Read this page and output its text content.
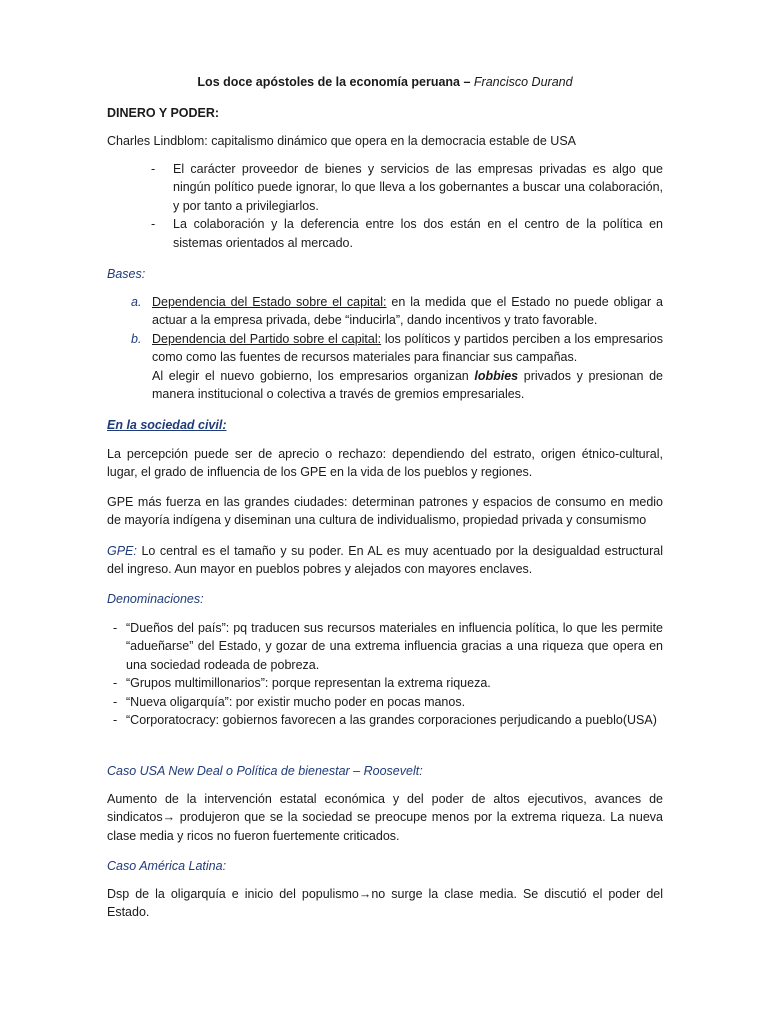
Los doce apóstoles de la economía peruana – Francisco Durand

DINERO Y PODER:

Charles Lindblom: capitalismo dinámico que opera en la democracia estable de USA

- El carácter proveedor de bienes y servicios de las empresas privadas es algo que ningún político puede ignorar, lo que lleva a los gobernantes a buscar una colaboración, y por tanto a privilegiarlos.
- La colaboración y la deferencia entre los dos están en el centro de la política en sistemas orientados al mercado.

Bases:

a. Dependencia del Estado sobre el capital: en la medida que el Estado no puede obligar a actuar a la empresa privada, debe “inducirla”, dando incentivos y trato favorable.
b. Dependencia del Partido sobre el capital: los políticos y partidos perciben a los empresarios como como las fuentes de recursos materiales para financiar sus campañas.
Al elegir el nuevo gobierno, los empresarios organizan lobbies privados y presionan de manera institucional o colectiva a través de gremios empresariales.

En la sociedad civil:

La percepción puede ser de aprecio o rechazo: dependiendo del estrato, origen étnico-cultural, lugar, el grado de influencia de los GPE en la vida de los pueblos y regiones.

GPE más fuerza en las grandes ciudades: determinan patrones y espacios de consumo en medio de mayoría indígena y diseminan una cultura de individualismo, propiedad privada y consumismo

GPE: Lo central es el tamaño y su poder. En AL es muy acentuado por la desigualdad estructural del ingreso. Aun mayor en pueblos pobres y alejados con mayores enclaves.

Denominaciones:

- “Dueños del país”: pq traducen sus recursos materiales en influencia política, lo que les permite “adueñarse” del Estado, y gozar de una extrema influencia gracias a una riqueza que opera en una sociedad rodeada de pobreza.
- “Grupos multimillonarios”: porque representan la extrema riqueza.
- “Nueva oligarquía”: por existir mucho poder en pocas manos.
- “Corporatocracy: gobiernos favorecen a las grandes corporaciones perjudicando a pueblo(USA)

Caso USA New Deal o Política de bienestar – Roosevelt:

Aumento de la intervención estatal económica y del poder de altos ejecutivos, avances de sindicatos→ produjeron que se la sociedad se preocupe menos por la extrema riqueza. La nueva clase media y ricos no fueron fuertemente criticados.

Caso América Latina:

Dsp de la oligarquía e inicio del populismo→no surge la clase media. Se discutió el poder del Estado.
